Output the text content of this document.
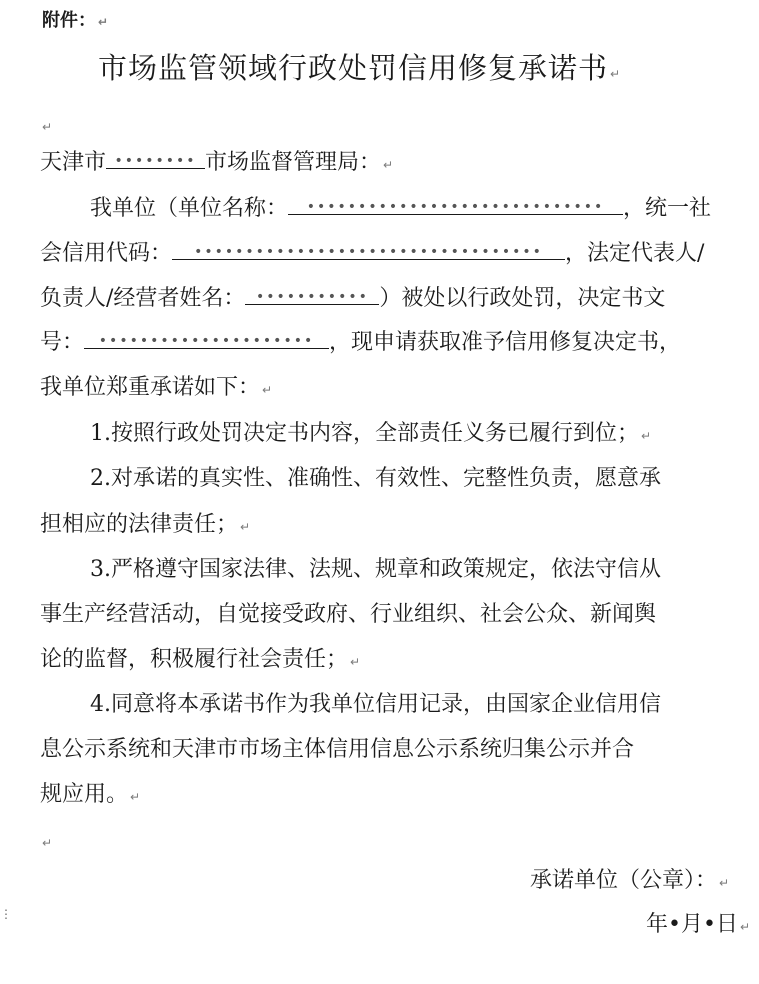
附件： ↵
市场监管领域行政处罚信用修复承诺书 ↵
↵
天津市 •••••••• 市场监督管理局： ↵
我单位（单位名称： ••••••••••••••••••••••••••••• ，统一社
会信用代码： •••••••••••••••••••••••••••••••••• ，法定代表人/
负责人/经营者姓名： ••••••••••• ）被处以行政处罚，决定书文
号： ••••••••••••••••••••• ，现申请获取准予信用修复决定书，
我单位郑重承诺如下： ↵
1.按照行政处罚决定书内容，全部责任义务已履行到位； ↵
2.对承诺的真实性、准确性、有效性、完整性负责，愿意承
担相应的法律责任； ↵
3.严格遵守国家法律、法规、规章和政策规定，依法守信从
事生产经营活动，自觉接受政府、行业组织、社会公众、新闻舆
论的监督，积极履行社会责任； ↵
4.同意将本承诺书作为我单位信用记录，由国家企业信用信
息公示系统和天津市市场主体信用信息公示系统归集公示并合
规应用。 ↵
↵
承诺单位（公章）： ↵
年•月•日 ↵
⋮
